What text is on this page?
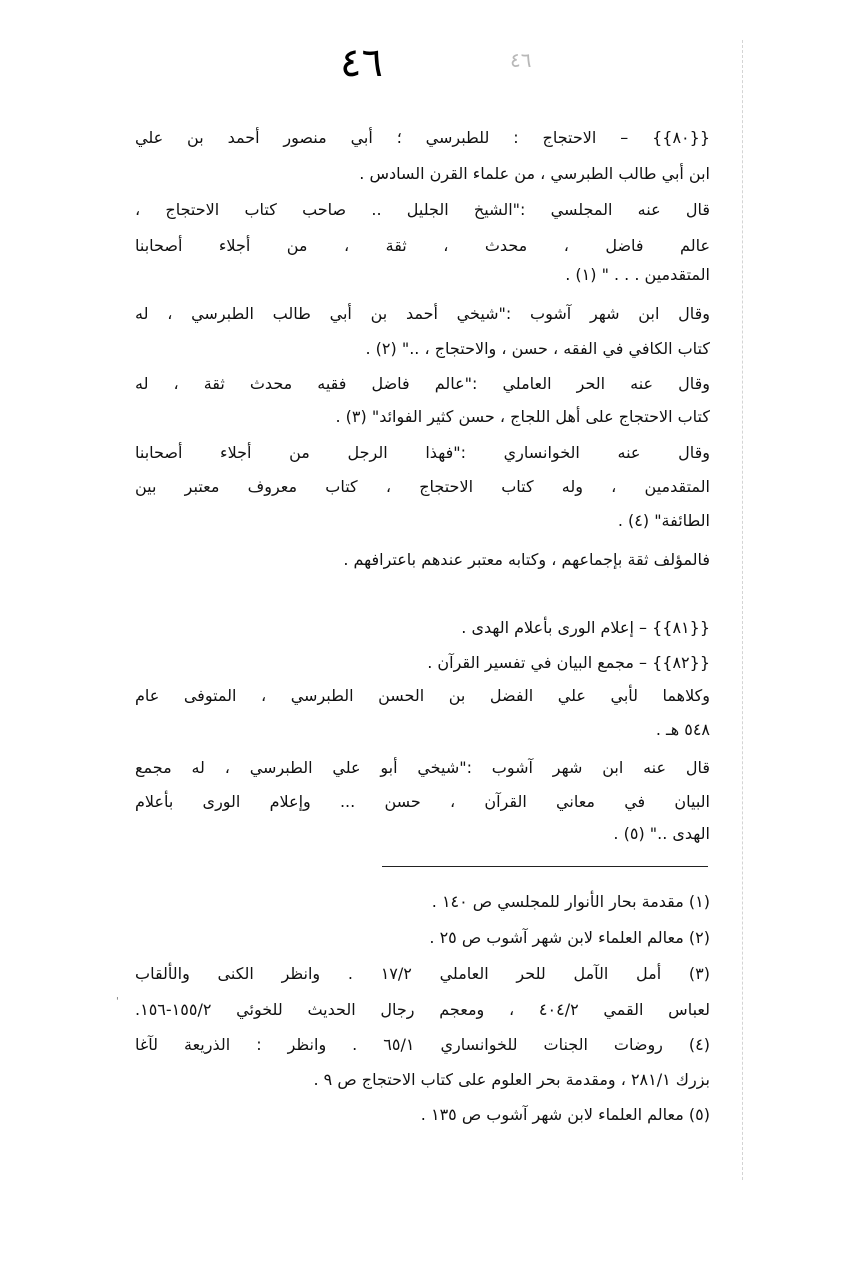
٤٦	٤٦
{{٨٠}} – الاحتجاج : للطبرسي ؛ أبي منصور أحمد بن علي
ابن أبي طالب الطبرسي ، من علماء القرن السادس .
قال عنه المجلسي :"الشيخ الجليل .. صاحب كتاب الاحتجاج ،
عالم فاضل ، محدث ، ثقة ، من أجلاء أصحابنا
المتقدمين . . . " (١) .
وقال ابن شهر آشوب :"شيخي أحمد بن أبي طالب الطبرسي ، له
كتاب الكافي في الفقه ، حسن ، والاحتجاج ، .." (٢) .
وقال عنه الحر العاملي :"عالم فاضل فقيه محدث ثقة ، له
كتاب الاحتجاج على أهل اللجاج ، حسن كثير الفوائد" (٣) .
وقال عنه الخوانساري :"فهذا الرجل من أجلاء أصحابنا
المتقدمين ، وله كتاب الاحتجاج ، كتاب معروف معتبر بين
الطائفة" (٤) .
فالمؤلف ثقة بإجماعهم ، وكتابه معتبر عندهم باعترافهم .
{{٨١}} – إعلام الورى بأعلام الهدى .
{{٨٢}} – مجمع البيان في تفسير القرآن .
وكلاهما لأبي علي الفضل بن الحسن الطبرسي ، المتوفى عام
٥٤٨ هـ .
قال عنه ابن شهر آشوب :"شيخي أبو علي الطبرسي ، له مجمع
البيان في معاني القرآن ، حسن ... وإعلام الورى بأعلام
الهدى .." (٥) .
(١) مقدمة بحار الأنوار للمجلسي ص ١٤٠ .
(٢) معالم العلماء لابن شهر آشوب ص ٢٥ .
(٣) أمل الآمل للحر العاملي ١٧/٢ . وانظر الكنى والألقاب
لعباس القمي ٤٠٤/٢ ، ومعجم رجال الحديث للخوئي ١٥٥/٢-١٥٦.
(٤) روضات الجنات للخوانساري ٦٥/١ . وانظر : الذريعة لآغا
بزرك ٢٨١/١ ، ومقدمة بحر العلوم على كتاب الاحتجاج ص ٩ .
(٥) معالم العلماء لابن شهر آشوب ص ١٣٥ .
'
